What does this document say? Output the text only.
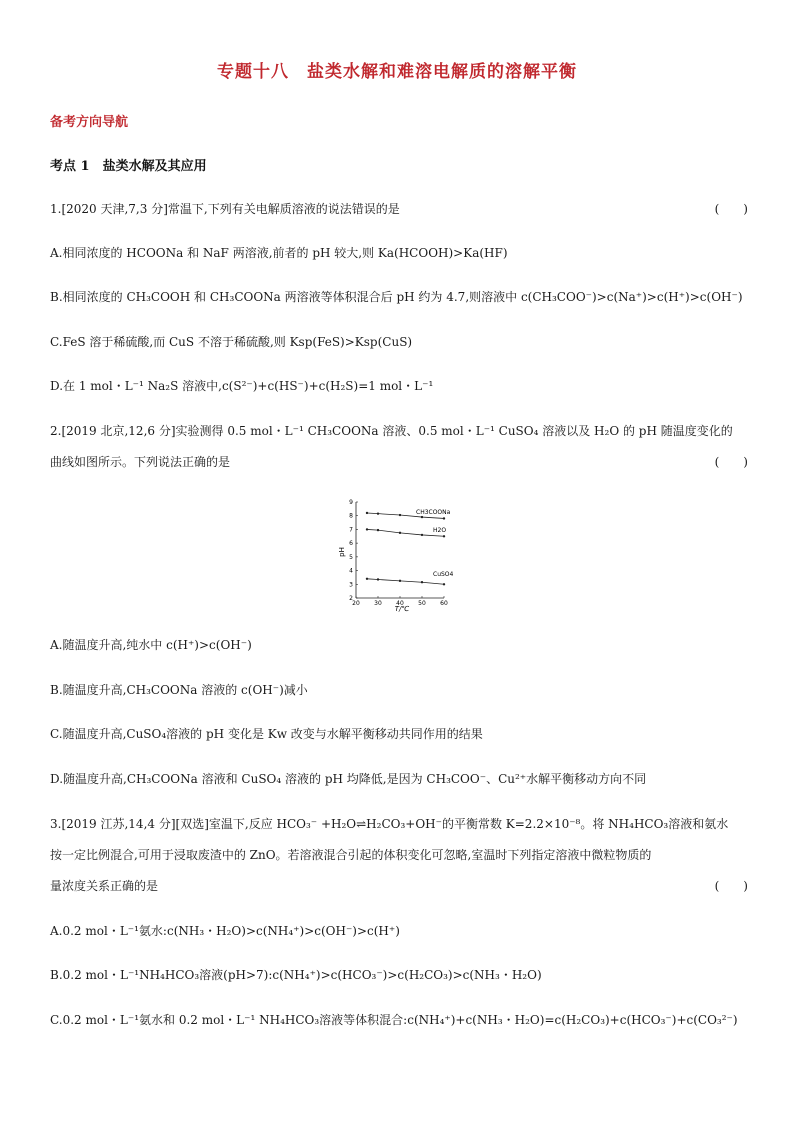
专题十八　盐类水解和难溶电解质的溶解平衡
备考方向导航
考点 1　盐类水解及其应用
1.[2020 天津,7,3 分]常温下,下列有关电解质溶液的说法错误的是	(　　)
A.相同浓度的 HCOONa 和 NaF 两溶液,前者的 pH 较大,则 Ka(HCOOH)>Ka(HF)
B.相同浓度的 CH₃COOH 和 CH₃COONa 两溶液等体积混合后 pH 约为 4.7,则溶液中 c(CH₃COO⁻)>c(Na⁺)>c(H⁺)>c(OH⁻)
C.FeS 溶于稀硫酸,而 CuS 不溶于稀硫酸,则 Ksp(FeS)>Ksp(CuS)
D.在 1 mol・L⁻¹ Na₂S 溶液中,c(S²⁻)+c(HS⁻)+c(H₂S)=1 mol・L⁻¹
2.[2019 北京,12,6 分]实验测得 0.5 mol・L⁻¹ CH₃COONa 溶液、0.5 mol・L⁻¹ CuSO₄ 溶液以及 H₂O 的 pH 随温度变化的
曲线如图所示。下列说法正确的是	(　　)
2
3
4
5
6
7
8
9
20 30 40 50 60
pH
T/℃
CH3COONa
H2O
CuSO4
A.随温度升高,纯水中 c(H⁺)>c(OH⁻)
B.随温度升高,CH₃COONa 溶液的 c(OH⁻)减小
C.随温度升高,CuSO₄溶液的 pH 变化是 Kw 改变与水解平衡移动共同作用的结果
D.随温度升高,CH₃COONa 溶液和 CuSO₄ 溶液的 pH 均降低,是因为 CH₃COO⁻、Cu²⁺水解平衡移动方向不同
3.[2019 江苏,14,4 分][双选]室温下,反应 HCO₃⁻ +H₂O⇌H₂CO₃+OH⁻的平衡常数 K=2.2×10⁻⁸。将 NH₄HCO₃溶液和氨水
按一定比例混合,可用于浸取废渣中的 ZnO。若溶液混合引起的体积变化可忽略,室温时下列指定溶液中微粒物质的
量浓度关系正确的是	(　　)
A.0.2 mol・L⁻¹氨水:c(NH₃・H₂O)>c(NH₄⁺)>c(OH⁻)>c(H⁺)
B.0.2 mol・L⁻¹NH₄HCO₃溶液(pH>7):c(NH₄⁺)>c(HCO₃⁻)>c(H₂CO₃)>c(NH₃・H₂O)
C.0.2 mol・L⁻¹氨水和 0.2 mol・L⁻¹ NH₄HCO₃溶液等体积混合:c(NH₄⁺)+c(NH₃・H₂O)=c(H₂CO₃)+c(HCO₃⁻)+c(CO₃²⁻)
